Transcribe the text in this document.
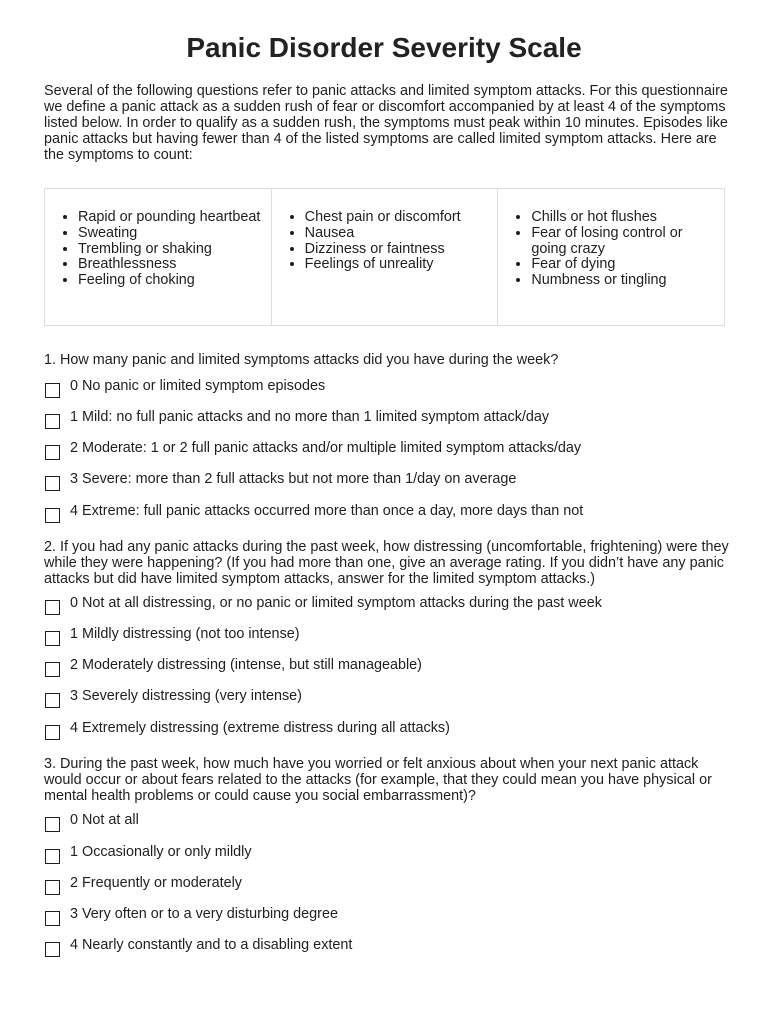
Panic Disorder Severity Scale

Several of the following questions refer to panic attacks and limited symptom attacks. For this questionnaire we define a panic attack as a sudden rush of fear or discomfort accompanied by at least 4 of the symptoms listed below. In order to qualify as a sudden rush, the symptoms must peak within 10 minutes. Episodes like panic attacks but having fewer than 4 of the listed symptoms are called limited symptom attacks. Here are the symptoms to count:

• Rapid or pounding heartbeat
• Sweating
• Trembling or shaking
• Breathlessness
• Feeling of choking
• Chest pain or discomfort
• Nausea
• Dizziness or faintness
• Feelings of unreality
• Chills or hot flushes
• Fear of losing control or going crazy
• Fear of dying
• Numbness or tingling

1. How many panic and limited symptoms attacks did you have during the week?

0 No panic or limited symptom episodes
1 Mild: no full panic attacks and no more than 1 limited symptom attack/day
2 Moderate: 1 or 2 full panic attacks and/or multiple limited symptom attacks/day
3 Severe: more than 2 full attacks but not more than 1/day on average
4 Extreme: full panic attacks occurred more than once a day, more days than not

2. If you had any panic attacks during the past week, how distressing (uncomfortable, frightening) were they while they were happening? (If you had more than one, give an average rating. If you didn’t have any panic attacks but did have limited symptom attacks, answer for the limited symptom attacks.)

0 Not at all distressing, or no panic or limited symptom attacks during the past week
1 Mildly distressing (not too intense)
2 Moderately distressing (intense, but still manageable)
3 Severely distressing (very intense)
4 Extremely distressing (extreme distress during all attacks)

3. During the past week, how much have you worried or felt anxious about when your next panic attack would occur or about fears related to the attacks (for example, that they could mean you have physical or mental health problems or could cause you social embarrassment)?

0 Not at all
1 Occasionally or only mildly
2 Frequently or moderately
3 Very often or to a very disturbing degree
4 Nearly constantly and to a disabling extent
